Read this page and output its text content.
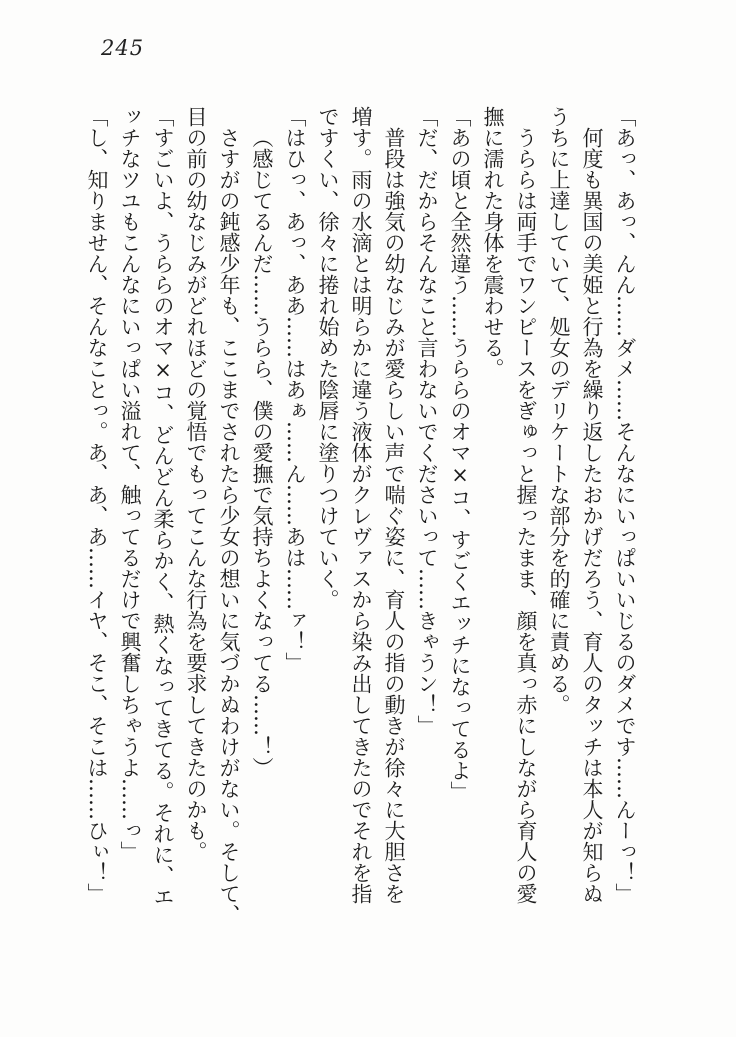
245

「あっ、あっ、んん……ダメ……そんなにいっぱいいじるのダメです……んーっ！」

何度も異国の美姫と行為を繰り返したおかげだろう、育人のタッチは本人が知らぬ

うちに上達していて、処女のデリケートな部分を的確に責める。

うららは両手でワンピースをぎゅっと握ったまま、顔を真っ赤にしながら育人の愛

撫に濡れた身体を震わせる。

「あの頃と全然違う……うららのオマ×コ、すごくエッチになってるよ」

「だ、だからそんなこと言わないでくださいって……きゃうン！」

普段は強気の幼なじみが愛らしい声で喘ぐ姿に、育人の指の動きが徐々に大胆さを

増す。雨の水滴とは明らかに違う液体がクレヴァスから染み出してきたのでそれを指

ですくい、徐々に捲れ始めた陰唇に塗りつけていく。

「はひっ、あっ、ああ……はあぁ……ん……あは……ァ！」

（感じてるんだ……うらら、僕の愛撫で気持ちよくなってる……！）

さすがの鈍感少年も、ここまでされたら少女の想いに気づかぬわけがない。そして、

目の前の幼なじみがどれほどの覚悟でもってこんな行為を要求してきたのかも。

「すごいよ、うららのオマ×コ、どんどん柔らかく、熱くなってきてる。それに、エ

ッチなツユもこんなにいっぱい溢れて、触ってるだけで興奮しちゃうよ……っ」

「し、知りません、そんなことっ。あ、あ、あ……イヤ、そこ、そこは……ひぃ！」
